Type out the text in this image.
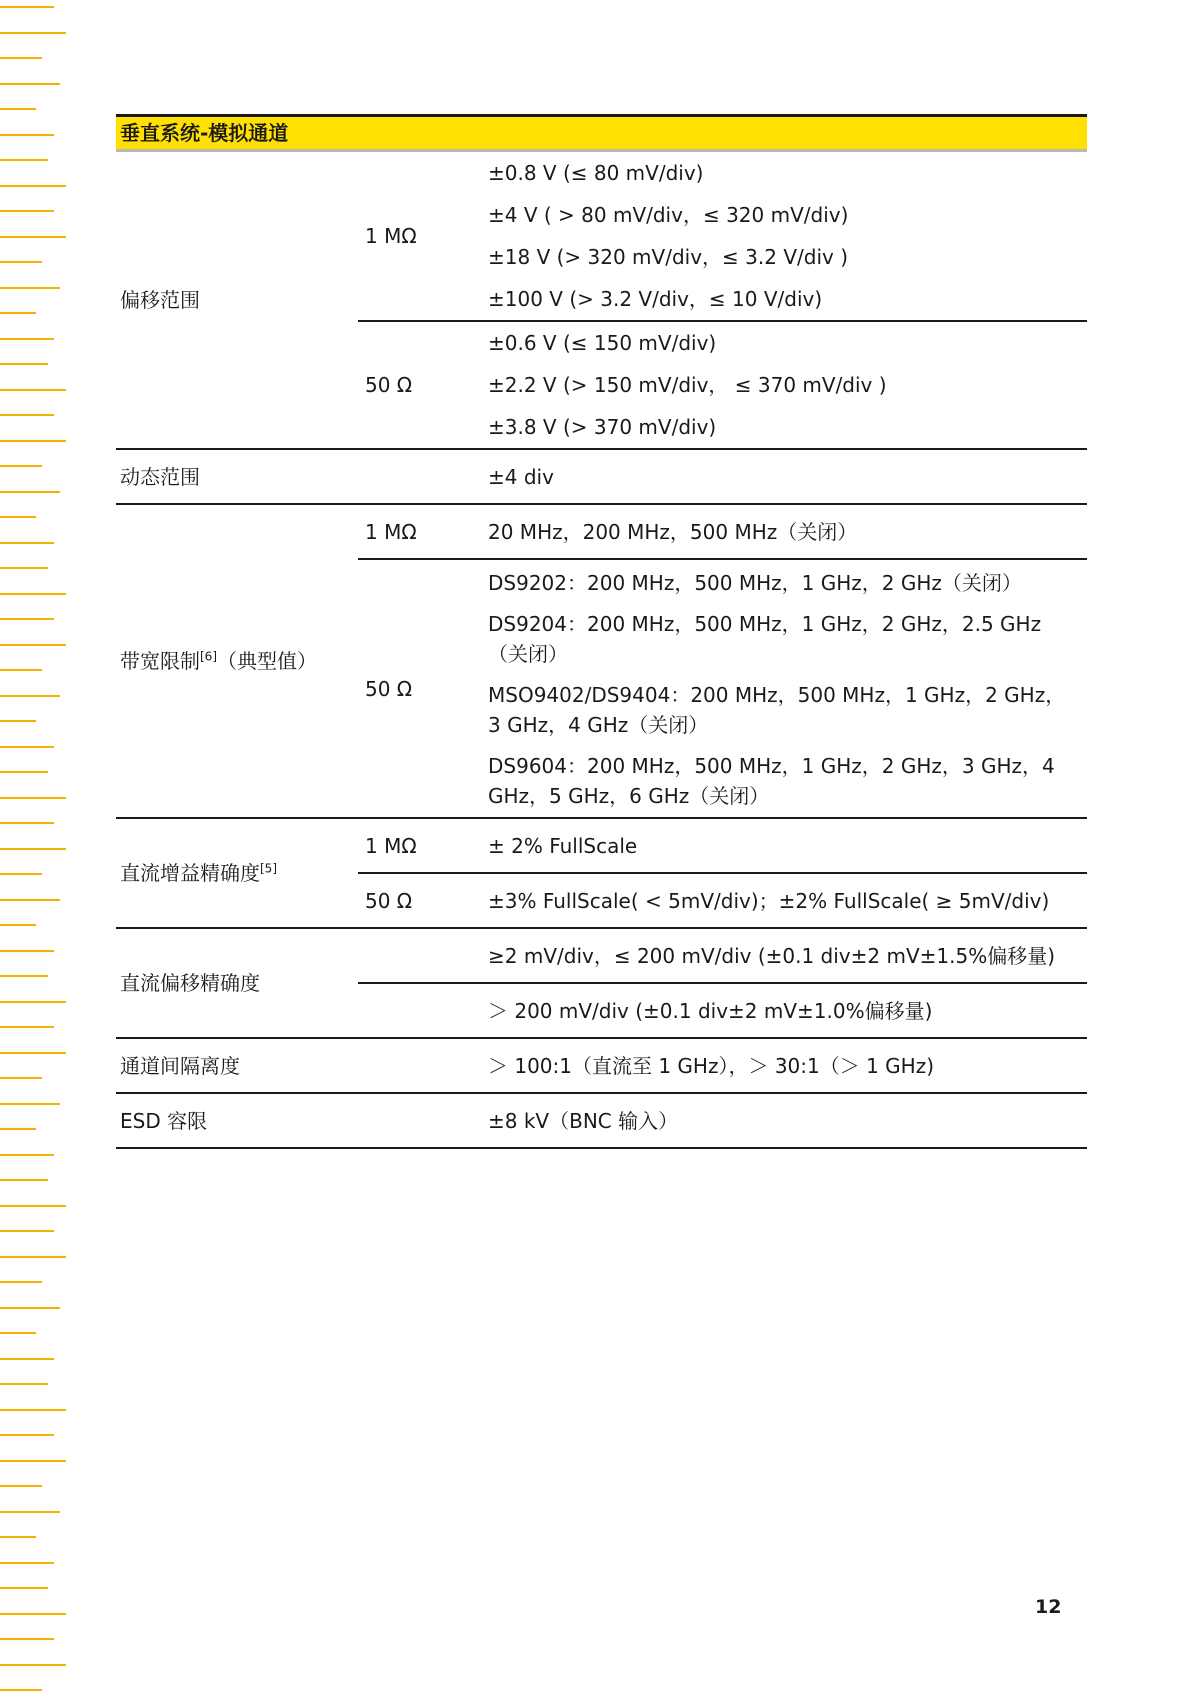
垂直系统-模拟通道		
偏移范围	1 MΩ	±0.8 V (≤ 80 mV/div)
±4 V ( > 80 mV/div，≤ 320 mV/div)
±18 V (> 320 mV/div，≤ 3.2 V/div )
±100 V (> 3.2 V/div，≤ 10 V/div)

	50 Ω	±0.6 V (≤ 150 mV/div)
±2.2 V (> 150 mV/div， ≤ 370 mV/div )
±3.8 V (> 370 mV/div)

动态范围		±4 div
带宽限制[6]（典型值）	1 MΩ	20 MHz，200 MHz，500 MHz（关闭）
	50 Ω	DS9202：200 MHz，500 MHz，1 GHz，2 GHz（关闭）
DS9204：200 MHz，500 MHz，1 GHz，2 GHz，2.5 GHz（关闭）
MSO9402/DS9404：200 MHz，500 MHz，1 GHz，2 GHz，3 GHz，4 GHz（关闭）
DS9604：200 MHz，500 MHz，1 GHz，2 GHz，3 GHz，4 GHz，5 GHz，6 GHz（关闭）

直流增益精确度[5]	1 MΩ	± 2% FullScale
	50 Ω	±3% FullScale( < 5mV/div)；±2% FullScale( ≥ 5mV/div)
直流偏移精确度		≥2 mV/div，≤ 200 mV/div (±0.1 div±2 mV±1.5%偏移量)
		＞ 200 mV/div (±0.1 div±2 mV±1.0%偏移量)
通道间隔离度		＞ 100:1（直流至 1 GHz），＞ 30:1（＞ 1 GHz)
ESD 容限		±8 kV（BNC 输入）
12
